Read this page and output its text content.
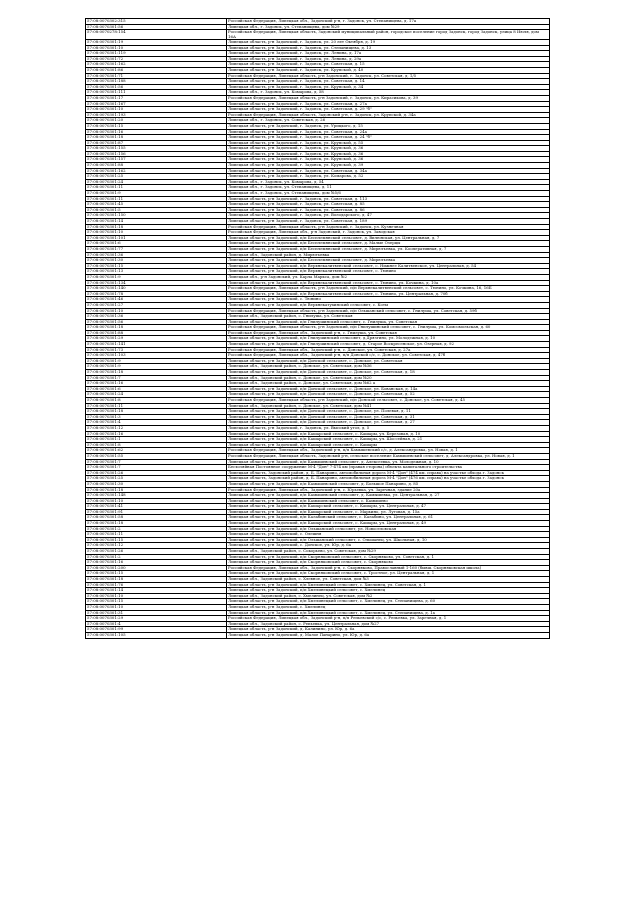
57:08:0070302:315	Российская Федерация, Липецкая обл., Задонский р-н, г. Задонск, ул. Степанищева, д. 17а
57:08:0070301:56	Липецкая обл., г. Задонск, ул. Степанищева, дом №29
57:08:0070278:154	Российская Федерация, Липецкая область, Задонский муниципальный район, городское поселение город Задонск, город Задонск, улица 8 Июля, дом 16А
57:08:0070301:19	Липецкая область, р-н Задонский, г. Задонск, ул. 20 лет Октября, д. 19
57:08:0070301:10	Липецкая область, р-н Задонский, г. Задонск, ул. Степанищева, д. 13
57:08:0070301:119	Липецкая область, р-н Задонский, г. Задонск, ул. Ленина, д. 17а
57:08:0070301:72	Липецкая область, р-н Задонский, г. Задонск, ул. Ленина, д. 29а
57:08:0070301:162	Липецкая область, р-н Задонский, г. Задонск, ул. Советская, д. 15
57:08:0070301:86	Липецкая область, р-н Задонский, г. Задонск, ул. Крупской, д. 40
57:08:0070301:71	Российская Федерация, Липецкая область, р-н Задонский, г. Задонск, ул. Советская, д. 1/5
57:08:0070301:188	Липецкая область, р-н Задонский, г. Задонск, ул. Советская, д. 14
57:08:0070301:56	Липецкая область, р-н Задонский, г. Задонск, ул. Крупской, д. 34
57:08:0070301:111	Липецкая обл., г. Задонск, ул. Комарова, д. 58
57:08:0070301:17	Российская Федерация, Липецкая область, р-н Задонский, г. Задонск, ул. Кирасикова, д. 39
57:08:0070301:167	Липецкая область, р-н Задонский, г. Задонск, ул. Советская, д. 27а
57:08:0070301:10	Липецкая область, р-н Задонский, г. Задонск, ул. Советская, д. 29 "б"
57:08:0070301:193	Российская Федерация, Липецкая область, Задонский р-н, г. Задонск, ул. Крупской, д. 34а
57:08:0070301:20	Липецкая обл., г. Задонск, ул. Советская, д. 26
57:08:0070301:15	Липецкая область, р-н Задонский, г. Задонск, ул. Урицкого, д. 15
57:08:0070301:16	Липецкая область, р-н Задонский, г. Задонск, ул. Советская, д. 24а
57:08:0070301:18	Липецкая область, р-н Задонский, г. Задонск, ул. Советская, д. 24 "б"
57:08:0070301:87	Липецкая область, р-н Задонский, г. Задонск, ул. Крупской, д. 55
57:08:0070301:155	Липецкая область, р-н Задонский, г. Задонск, ул. Крупской, д. 36
57:08:0070301:156	Липецкая область, р-н Задонский, г. Задонск, ул. Крупской, д. 36
57:08:0070301:157	Липецкая область, р-н Задонский, г. Задонск, ул. Крупской, д. 36
57:08:0070301:88	Липецкая область, р-н Задонский, г. Задонск, ул. Крупской, д. 39
57:08:0070301:162	Липецкая область, р-н Задонский, г. Задонск, ул. Советская, д. 34а
57:08:0070301:25	Липецкая область, р-н Задонский, г. Задонск, ул. Комарова, д. 52
57:08:0070301:24	Липецкая обл., г. Задонск, ул. Комарова, д. 54
57:08:0070301:11	Липецкая обл., г. Задонск, ул. Степанищева, д. 11
57:08:0070301:9	Липецкая обл., г. Задонск, ул. Степанищева, дом №5/6
57:08:0070301:11	Липецкая область, р-н Задонский, г. Задонск, ул. Советская, д. 113
57:08:0070301:45	Липецкая область, р-н Задонский, г. Задонск, ул. Советская, д. 85
57:08:0070301:5	Липецкая область, р-н Задонский, г. Задонск, ул. Советская, д. 86
57:08:0070301:150	Липецкая область, р-н Задонский, г. Задонск, ул. Володарского, д. 47
57:08:0070301:14	Липецкая область, р-н Задонский, г. Задонск, ул. Советская, д. 189
57:08:0070301:18	Российская Федерация, Липецкая область, р-н Задонский, г. Задонск, ул. Кузнечная
57:08:0070301:10	Российская Федерация, Липецкая обл., р-н Задонский, г. Задонск, ул. Заводская
57:08:0070301:101	Липецкая область, р-н Задонский, п/п Бесплемянский сельсовет, д. Вилюнская, ул. Центральная, д. 7
57:08:0070301:6	Липецкая область, р-н Задонский, п/п Бесплемянский сельсовет, д. Малые Озерцы
57:08:0070301:77	Липецкая область, р-н Задонский, п/п Бесплемянский сельсовет, д. Мирютьевка, ул. Кооперативная, д. 7
57:08:0070301:36	Липецкая обл., Задонский район, д. Мирютьевка
57:08:0070301:30	Липецкая область, р-н Задонский, п/п Бесплемянский сельсовет, д. Мирютьевка
57:08:0070301:15	Липецкая область, р-н Задонский, п/п Верхнекалитвенский сельсовет, с. Нижнее Калитвенское, ул. Центральная, д. 54
57:08:0070301:13	Липецкая область, р-н Задонский, п/п Верхнекалитвенский сельсовет, с. Тюнино
57:08:0070301:9	Липецкая обл., р-н Задонский, ул. Карла Маркса, дом №2
57:08:0070301:134	Липецкая область, р-н Задонский, п/п Верхнекалитвенский сельсовет, с. Тюнино, ул. Кочкина, д. 10а
57:08:0070301:140	Российская Федерация, Липецкая область, р-н Задонский, п/п Верхнекалитвенский сельсовет, с. Тюнино, ул. Кочкина, 16, 16Б
57:08:0070301:78	Липецкая область, р-н Задонский, п/п Верхнекалитвенский сельсовет, с. Тюнино, ул. Центральная, д. 70б
57:08:0070301:46	Липецкая область, р-н Задонский, с. Тюнино
57:08:0070301:27	Липецкая область, р-н Задонский, п/п Верхнекатухинский сельсовет, с. Коты
57:08:0070301:10	Российская Федерация, Липецкая область, р-н Задонский, п/п Ольшанский сельсовет, с. Гнилуша, ул. Советская, д. 59б
57:08:0070301:36	Липецкая обл., Задонский район, с. Гнилуша, ул. Советская
57:08:0070301:56	Липецкая область, р-н Задонский, п/п Гнилушинский сельсовет, с. Гнилуша, ул. Советская
57:08:0070301:18	Российская Федерация, Липецкая область, р-н Задонский, п/п Гнилушинский сельсовет, с. Гнилуша, ул. Комсомольская, д. 60
57:08:0070301:88	Российская Федерация, Липецкая обл., Задонский р-н, с. Гнилуша, ул. Советская
57:08:0070301:29	Липецкая область, р-н Задонский, п/п Гнилушинский сельсовет, д.Дрязгино, ул. Молодежная, д. 10
57:08:0070301:141	Липецкая область, р-н Задонский, п/п Гнилушинский сельсовет, д. Старое Воскресенское, ул. Озерная, д. 92
57:08:0070301:73	Российская Федерация, Липецкая обл., Задонский р-н, с. Донское, ул. Советская, д. 27а
57:08:0070301:103	Российская Федерация, Липецкая обл., Задонский р-н, п/п Донской с/с, с. Донское, ул. Советская, д. 47б
57:08:0070301:9	Липецкая область, р-н Задонский, п/п Донской сельсовет, с. Донское, ул. Советская
57:08:0070301:9	Липецкая обл., Задонский район, с. Донское, ул. Советская, дом №36
57:08:0070301:18	Липецкая область, р-н Задонский, п/п Донской сельсовет, с. Донское, ул. Советская, д. 18
57:08:0070301:7	Липецкая обл., Задонский район, с. Донское, ул. Советская, дом №20
57:08:0070301:16	Липецкая обл., Задонский район, с. Донское, ул. Советская, дом №62 а
57:08:0070301:6	Липецкая область, р-н Задонский, п/п Донской сельсовет, с. Донское, ул. Бованская, д. 14а
57:08:0070301:24	Липецкая область, р-н Задонский, п/п Донской сельсовет, с. Донское, ул. Советская, д. 52
57:08:0070301:8	Российская Федерация, Липецкая область, р-н Задонский, п/п Донской сельсовет, с. Донское, ул. Советская, д. 45
57:08:0070301:11	Липецкая обл., Задонский район, с. Донское, ул. Советская, дом №41
57:08:0070301:18	Липецкая область, р-н Задонский, п/п Донской сельсовет, с. Донское, ул. Полевая, д. 11
57:08:0070301:3	Липецкая область, р-н Задонский, п/п Донской сельсовет, с. Донское, ул. Советская, д. 31
57:08:0070301:4	Липецкая область, р-н Задонский, п/п Донской сельсовет, с. Донское, ул. Советская, д. 27
57:08:0070301:12	Липецкая область, р-н Задонский, г. Задонск, ул. Высокий угол, д. 5
57:08:0070301:16	Липецкая область, р-н Задонский, п/п Кашарский сельсовет, с. Кашары, ул. Березовая, д. 10
57:08:0070301:1	Липецкая область, р-н Задонский, п/п Кашарский сельсовет, с. Кашары, ул. Шоссейная, д. 21
57:08:0070301:8	Липецкая область, р-н Задонский, п/п Кашарский сельсовет, с. Кашары
57:08:0070301:62	Российская Федерация, Липецкая обл., Задонский р-н, п/п Камышевский с/с, д. Александровка, ул. Новая, д. 1
57:08:0070301:55	Российская Федерация, Липецкая область, Задонский р-н, сельское поселение Камышевский сельсовет, д. Александровка, ул. Новая, д. 1
57:08:0070301:7	Липецкая область, р-н Задонский, п/п Камышевский сельсовет, д. Алексеевка, ул. Молодежная, д. 10
57:08:0070301:7	Бесхозяйная Постоянное сооружение М-4 "Дон" 7-474 км (правая сторона) объекта капитального строительства
57:08:0070301:26	Липецкая область, Задонский район, д. Б. Панарино, автомобильная дорога М-4 "Дон" (474 км. справа) на участке обхода г. Задонск
57:08:0070301:25	Липецкая область, Задонский район, д. Б. Панарино, автомобильная дорога М-4 "Дон" (476 км. справа) на участке обхода г. Задонск
57:08:0070301:30	Липецкая область, р-н Задонский, п/п Камышевский сельсовет, д. Большое Панарино, д. 85
57:08:0070301:18	Российская Федерация, Липецкая обл., Задонский р-н, с. Юрьевка, ул. Заречная, здание 20а
57:08:0070301:148	Липецкая область, р-н Задонский, п/п Камышевский сельсовет, д. Камышевка, ул. Центральная, д. 27
57:08:0070301:10	Липецкая область, р-н Задонский, п/п Камышевский сельсовет, с. Камышево
57:08:0070301:41	Липецкая область, р-н Задонский, п/п Кашарский сельсовет, с. Кашары, ул. Центральная, д. 47
57:08:0070301:91	Липецкая область, р-н Задонский, п/п Кашарский сельсовет, с. Марьино, ул. Луговая, д. 15а
57:08:0070301:58	Липецкая область, р-н Задонский, п/п Калабинский сельсовет, с. Калабино, ул. Центральная, д. 61
57:08:0070301:18	Липецкая область, р-н Задонский, п/п Кашарский сельсовет, с. Кашары, ул. Центральная, д. 49
57:08:0070301:2	Липецкая область, р-н Задонский, п/п Ольшанский сельсовет, ул. Новоселовская
57:08:0070301:11	Липецкая область, р-н Задонский, с. Олешня
57:08:0070301:15	Липецкая область, р-н Задонский, п/п Ольшанский сельсовет, с. Ольшанец, ул. Школьная, д. 10
57:08:0070301:12	Липецкая область, р-н Задонский, с. Донское, ул. Юр, д. 6а
57:08:0070301:26	Липецкая обл., Задонский район, с. Сокорьево, ул. Советская, дом №29
57:08:0070301:2	Липецкая область, р-н Задонский, п/п Скорняковский сельсовет, с. Скорняково, ул. Советская, д. 1
57:08:0070301:16	Липецкая область, р-н Задонский, п/п Скорняковский сельсовет, с. Скорняково
57:08:0070301:200	Российская Федерация, Липецкая обл., Задонский р-н, с. Скорняково, Православный 1-160 (бывш. Скорняковская школа)
57:08:0070301:15	Липецкая область, р-н Задонский, п/п Скорняковский сельсовет, с. Тростное, ул. Центральная, д. 1
57:08:0070301:18	Липецкая обл., Задонский район, с. Хлевное, ул. Советская, дом №3
57:08:0070301:76	Липецкая область, р-н Задонский, п/п Хмелинецкий сельсовет, с. Хмелинец, ул. Советская, д. 1
57:08:0070301:14	Липецкая область, р-н Задонский, п/п Хмелинецкий сельсовет, с. Хмелинец
57:08:0070301:10	Липецкая обл., Задонский район, с. Хмелинец, ул. Советская, дом №2
57:08:0070301:15	Липецкая область, р-н Задонский, п/п Хмелинецкий сельсовет, с. Хмелинец, ул. Степанищева, д. 60
57:08:0070301:10	Липецкая область, р-н Задонский, с. Хмелинец
57:08:0070301:31	Липецкая область, р-н Задонский, п/п Хмелинецкий сельсовет, с. Хмелинец, ул. Степанищева, д. 1а
57:08:0070301:29	Российская Федерация, Липецкая обл., Задонский р-н, п/п Репьевский с/с, с. Репьевка, ул. Заречная, д. 1
57:08:0070301:4	Липецкая обл., Задонский район, с. Репьевка, ул. Центральная, дом №27
57:08:0070301:99	Липецкая область, р-н Задонский, д. Калинино, ул. Юр, д. 6а
57:08:0070301:105	Липецкая область, р-н Задонский, д. Малое Панарино, ул. Юр, д. 6а
